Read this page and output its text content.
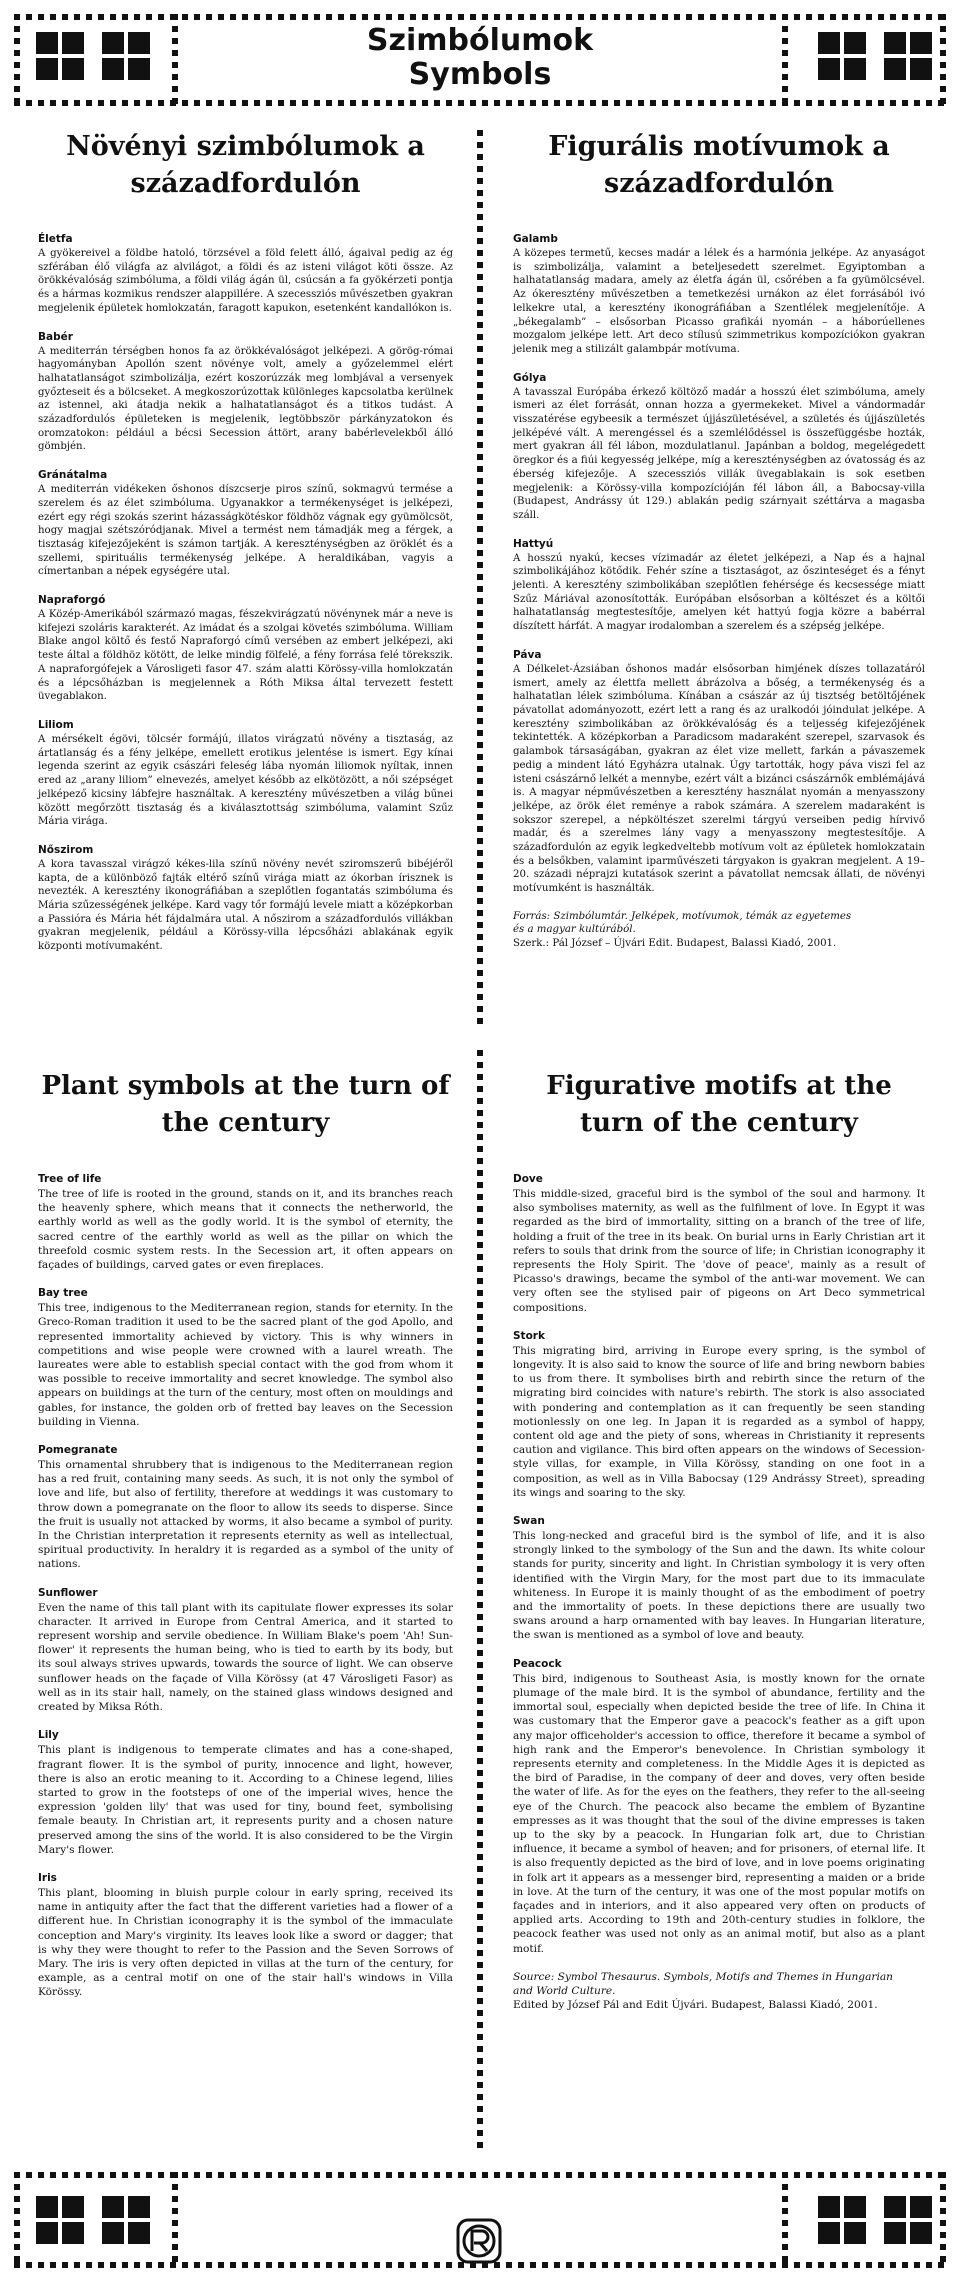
Szimbólumok
Symbols
Növényi szimbólumok a századfordulón
Életfa

A gyökereivel a földbe hatoló, törzsével a föld felett álló, ágaival pedig az ég szférában élő világfa az alvilágot, a földi és az isteni világot köti össze. Az örökkévalóság szimbóluma, a földi világ ágán ül, csúcsán a fa gyökérzeti pontja és a hármas kozmikus rendszer alappillére. A szecessziós művészetben gyakran megjelenik épületek homlokzatán, faragott kapukon, esetenként kandallókon is.

Babér

A mediterrán térségben honos fa az örökkévalóságot jelképezi. A görög-római hagyományban Apollón szent növénye volt, amely a győzelemmel elért halhatatlanságot szimbolizálja, ezért koszorúzzák meg lombjával a versenyek győzteseit és a bölcseket. A megkoszorúzottak különleges kapcsolatba kerülnek az istennel, aki átadja nekik a halhatatlanságot és a titkos tudást. A századfordulós épületeken is megjelenik, legtöbbször párkányzatokon és oromzatokon: például a bécsi Secession áttört, arany babérlevelekből álló gömbjén.

Gránátalma

A mediterrán vidékeken őshonos díszcserje piros színű, sokmagvú termése a szerelem és az élet szimbóluma. Ugyanakkor a termékenységet is jelképezi, ezért egy régi szokás szerint házasságkötéskor földhöz vágnak egy gyümölcsöt, hogy magjai szétszóródjanak. Mivel a termést nem támadják meg a férgek, a tisztaság kifejezőjeként is számon tartják. A kereszténységben az öröklét és a szellemi, spirituális termékenység jelképe. A heraldikában, vagyis a címertanban a népek egységére utal.

Napraforgó

A Közép-Amerikából származó magas, fészekvirágzatú növénynek már a neve is kifejezi szoláris karakterét. Az imádat és a szolgai követés szimbóluma. William Blake angol költő és festő Napraforgó című versében az embert jelképezi, aki teste által a földhöz kötött, de lelke mindig fölfelé, a fény forrása felé törekszik. A napraforgófejek a Városligeti fasor 47. szám alatti Körössy-villa homlokzatán és a lépcsőházban is megjelennek a Róth Miksa által tervezett festett üvegablakon.

Liliom

A mérsékelt égövi, tölcsér formájú, illatos virágzatú növény a tisztaság, az ártatlanság és a fény jelképe, emellett erotikus jelentése is ismert. Egy kínai legenda szerint az egyik császári feleség lába nyomán liliomok nyíltak, innen ered az „arany liliom” elnevezés, amelyet később az elkötözött, a női szépséget jelképező kicsiny lábfejre használtak. A keresztény művészetben a világ bűnei között megőrzött tisztaság és a kiválasztottság szimbóluma, valamint Szűz Mária virága.

Nőszirom

A kora tavasszal virágzó kékes-lila színű növény nevét sziromszerű bibéjéről kapta, de a különböző fajták eltérő színű virága miatt az ókorban írisznek is nevezték. A keresztény ikonográfiában a szeplőtlen fogantatás szimbóluma és Mária szűzességének jelképe. Kard vagy tőr formájú levele miatt a középkorban a Passióra és Mária hét fájdalmára utal. A nőszirom a századfordulós villákban gyakran megjelenik, például a Körössy-villa lépcsőházi ablakának egyik központi motívumaként.

Figurális motívumok a századfordulón
Galamb

A közepes termetű, kecses madár a lélek és a harmónia jelképe. Az anyaságot is szimbolizálja, valamint a beteljesedett szerelmet. Egyiptomban a halhatatlanság madara, amely az életfa ágán ül, csőrében a fa gyümölcsével. Az ókeresztény művészetben a temetkezési urnákon az élet forrásából ivó lelkekre utal, a keresztény ikonográfiában a Szentlélek megjelenítője. A „békegalamb” – elsősorban Picasso grafikái nyomán – a háborúellenes mozgalom jelképe lett. Art deco stílusú szimmetrikus kompozíciókon gyakran jelenik meg a stilizált galambpár motívuma.

Gólya

A tavasszal Európába érkező költöző madár a hosszú élet szimbóluma, amely ismeri az élet forrását, onnan hozza a gyermekeket. Mivel a vándormadár visszatérése egybeesik a természet újjászületésével, a születés és újjászületés jelképévé vált. A merengéssel és a szemlélődéssel is összefüggésbe hozták, mert gyakran áll fél lábon, mozdulatlanul. Japánban a boldog, megelégedett öregkor és a fiúi kegyesség jelképe, míg a kereszténységben az óvatosság és az éberség kifejezője. A szecessziós villák üvegablakain is sok esetben megjelenik: a Körössy-villa kompozícióján fél lábon áll, a Babocsay-villa (Budapest, Andrássy út 129.) ablakán pedig szárnyait széttárva a magasba száll.

Hattyú

A hosszú nyakú, kecses vízimadár az életet jelképezi, a Nap és a hajnal szimbolikájához kötődik. Fehér színe a tisztaságot, az őszinteséget és a fényt jelenti. A keresztény szimbolikában szeplőtlen fehérsége és kecsessége miatt Szűz Máriával azonosították. Európában elsősorban a költészet és a költői halhatatlanság megtestesítője, amelyen két hattyú fogja közre a babérral díszített hárfát. A magyar irodalomban a szerelem és a szépség jelképe.

Páva

A Délkelet-Ázsiában őshonos madár elsősorban himjének díszes tollazatáról ismert, amely az élettfa mellett ábrázolva a bőség, a termékenység és a halhatatlan lélek szimbóluma. Kínában a császár az új tisztség betöltőjének pávatollat adományozott, ezért lett a rang és az uralkodói jóindulat jelképe. A keresztény szimbolikában az örökkévalóság és a teljesség kifejezőjének tekintették. A középkorban a Paradicsom madaraként szerepel, szarvasok és galambok társaságában, gyakran az élet vize mellett, farkán a pávaszemek pedig a mindent látó Egyházra utalnak. Úgy tartották, hogy páva viszi fel az isteni császárnő lelkét a mennybe, ezért vált a bizánci császárnők emblémájává is. A magyar népművészetben a keresztény használat nyomán a menyasszony jelképe, az örök élet reménye a rabok számára. A szerelem madaraként is sokszor szerepel, a népköltészet szerelmi tárgyú verseiben pedig hírvivő madár, és a szerelmes lány vagy a menyasszony megtestesítője. A századfordulón az egyik legkedveltebb motívum volt az épületek homlokzatain és a belsőkben, valamint iparművészeti tárgyakon is gyakran megjelent. A 19–20. századi néprajzi kutatások szerint a pávatollat nemcsak állati, de növényi motívumként is használták.

Forrás: Szimbólumtár. Jelképek, motívumok, témák az egyetemes

és a magyar kultúrából.

Szerk.: Pál József – Újvári Edit. Budapest, Balassi Kiadó, 2001.

Plant symbols at the turn of the century
Tree of life

The tree of life is rooted in the ground, stands on it, and its branches reach the heavenly sphere, which means that it connects the netherworld, the earthly world as well as the godly world. It is the symbol of eternity, the sacred centre of the earthly world as well as the pillar on which the threefold cosmic system rests. In the Secession art, it often appears on façades of buildings, carved gates or even fireplaces.

Bay tree

This tree, indigenous to the Mediterranean region, stands for eternity. In the Greco-Roman tradition it used to be the sacred plant of the god Apollo, and represented immortality achieved by victory. This is why winners in competitions and wise people were crowned with a laurel wreath. The laureates were able to establish special contact with the god from whom it was possible to receive immortality and secret knowledge. The symbol also appears on buildings at the turn of the century, most often on mouldings and gables, for instance, the golden orb of fretted bay leaves on the Secession building in Vienna.

Pomegranate

This ornamental shrubbery that is indigenous to the Mediterranean region has a red fruit, containing many seeds. As such, it is not only the symbol of love and life, but also of fertility, therefore at weddings it was customary to throw down a pomegranate on the floor to allow its seeds to disperse. Since the fruit is usually not attacked by worms, it also became a symbol of purity. In the Christian interpretation it represents eternity as well as intellectual, spiritual productivity. In heraldry it is regarded as a symbol of the unity of nations.

Sunflower

Even the name of this tall plant with its capitulate flower expresses its solar character. It arrived in Europe from Central America, and it started to represent worship and servile obedience. In William Blake's poem 'Ah! Sun-flower' it represents the human being, who is tied to earth by its body, but its soul always strives upwards, towards the source of light. We can observe sunflower heads on the façade of Villa Körössy (at 47 Városligeti Fasor) as well as in its stair hall, namely, on the stained glass windows designed and created by Miksa Róth.

Lily

This plant is indigenous to temperate climates and has a cone-shaped, fragrant flower. It is the symbol of purity, innocence and light, however, there is also an erotic meaning to it. According to a Chinese legend, lilies started to grow in the footsteps of one of the imperial wives, hence the expression 'golden lily' that was used for tiny, bound feet, symbolising female beauty. In Christian art, it represents purity and a chosen nature preserved among the sins of the world. It is also considered to be the Virgin Mary's flower.

Iris

This plant, blooming in bluish purple colour in early spring, received its name in antiquity after the fact that the different varieties had a flower of a different hue. In Christian iconography it is the symbol of the immaculate conception and Mary's virginity. Its leaves look like a sword or dagger; that is why they were thought to refer to the Passion and the Seven Sorrows of Mary. The iris is very often depicted in villas at the turn of the century, for example, as a central motif on one of the stair hall's windows in Villa Körössy.

Figurative motifs at the turn of the century
Dove

This middle-sized, graceful bird is the symbol of the soul and harmony. It also symbolises maternity, as well as the fulfilment of love. In Egypt it was regarded as the bird of immortality, sitting on a branch of the tree of life, holding a fruit of the tree in its beak. On burial urns in Early Christian art it refers to souls that drink from the source of life; in Christian iconography it represents the Holy Spirit. The 'dove of peace', mainly as a result of Picasso's drawings, became the symbol of the anti-war movement. We can very often see the stylised pair of pigeons on Art Deco symmetrical compositions.

Stork

This migrating bird, arriving in Europe every spring, is the symbol of longevity. It is also said to know the source of life and bring newborn babies to us from there. It symbolises birth and rebirth since the return of the migrating bird coincides with nature's rebirth. The stork is also associated with pondering and contemplation as it can frequently be seen standing motionlessly on one leg. In Japan it is regarded as a symbol of happy, content old age and the piety of sons, whereas in Christianity it represents caution and vigilance. This bird often appears on the windows of Secession-style villas, for example, in Villa Körössy, standing on one foot in a composition, as well as in Villa Babocsay (129 Andrássy Street), spreading its wings and soaring to the sky.

Swan

This long-necked and graceful bird is the symbol of life, and it is also strongly linked to the symbology of the Sun and the dawn. Its white colour stands for purity, sincerity and light. In Christian symbology it is very often identified with the Virgin Mary, for the most part due to its immaculate whiteness. In Europe it is mainly thought of as the embodiment of poetry and the immortality of poets. In these depictions there are usually two swans around a harp ornamented with bay leaves. In Hungarian literature, the swan is mentioned as a symbol of love and beauty.

Peacock

This bird, indigenous to Southeast Asia, is mostly known for the ornate plumage of the male bird. It is the symbol of abundance, fertility and the immortal soul, especially when depicted beside the tree of life. In China it was customary that the Emperor gave a peacock's feather as a gift upon any major officeholder's accession to office, therefore it became a symbol of high rank and the Emperor's benevolence. In Christian symbology it represents eternity and completeness. In the Middle Ages it is depicted as the bird of Paradise, in the company of deer and doves, very often beside the water of life. As for the eyes on the feathers, they refer to the all-seeing eye of the Church. The peacock also became the emblem of Byzantine empresses as it was thought that the soul of the divine empresses is taken up to the sky by a peacock. In Hungarian folk art, due to Christian influence, it became a symbol of heaven; and for prisoners, of eternal life. It is also frequently depicted as the bird of love, and in love poems originating in folk art it appears as a messenger bird, representing a maiden or a bride in love. At the turn of the century, it was one of the most popular motifs on façades and in interiors, and it also appeared very often on products of applied arts. According to 19th and 20th-century studies in folklore, the peacock feather was used not only as an animal motif, but also as a plant motif.

Source: Symbol Thesaurus. Symbols, Motifs and Themes in Hungarian

and World Culture.

Edited by József Pál and Edit Újvári. Budapest, Balassi Kiadó, 2001.
